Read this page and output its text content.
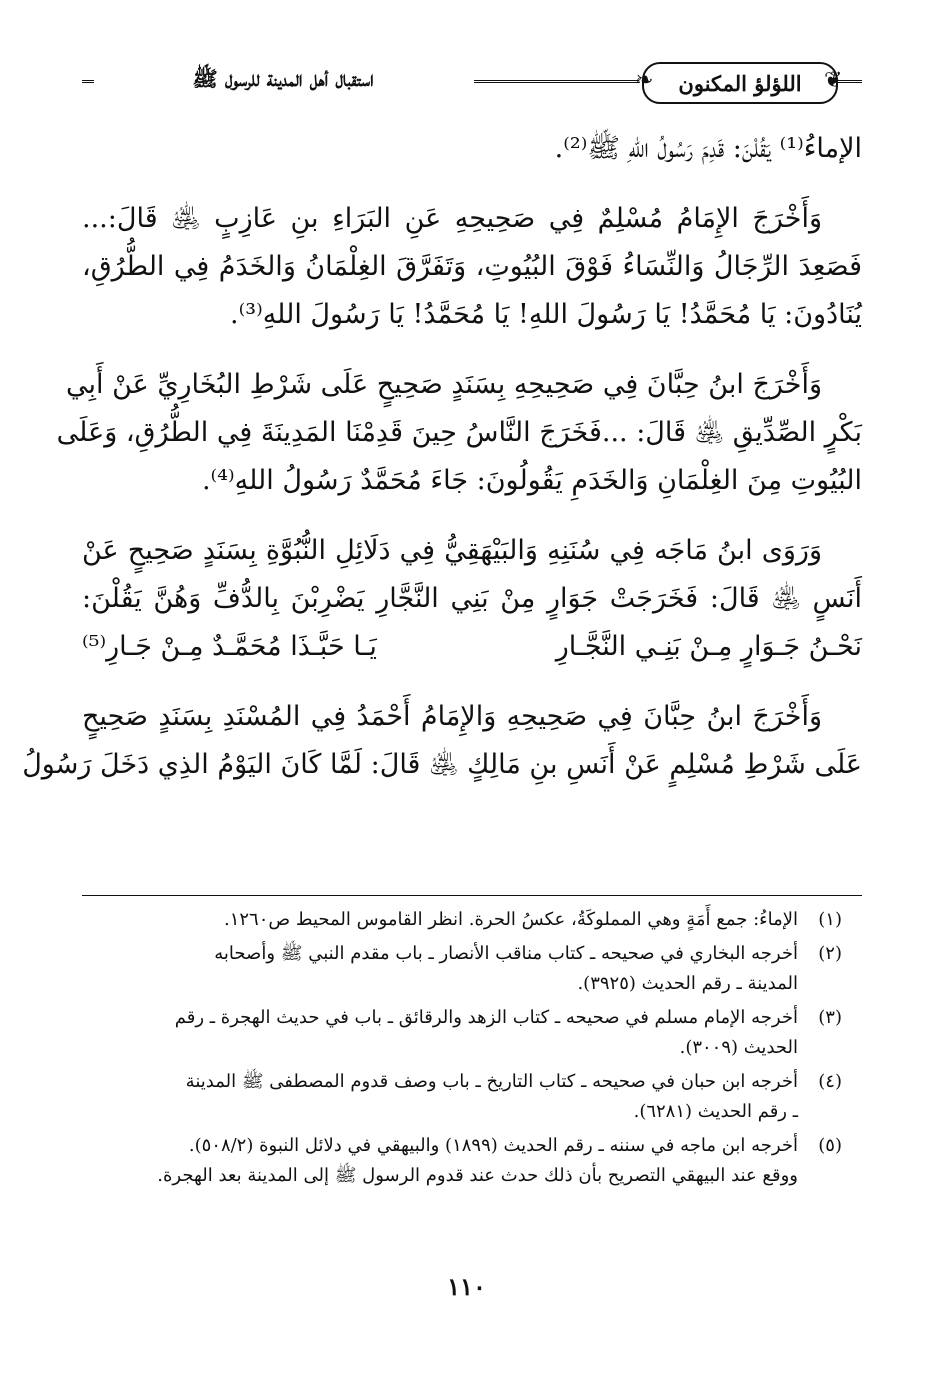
❦
اللؤلؤ المكنون
❧
استقبال أهل المدينة للرسول ﷺ
الإماءُ⁽¹⁾ يَقُلْنَ: قَدِمَ رَسُولُ اللهِ ﷺ⁽²⁾.
وَأَخْرَجَ الإِمَامُ مُسْلِمٌ فِي صَحِيحِهِ عَنِ البَرَاءِ بنِ عَازِبٍ ﵁ قَالَ:...
فَصَعِدَ الرِّجَالُ وَالنِّسَاءُ فَوْقَ البُيُوتِ، وَتَفَرَّقَ الغِلْمَانُ وَالخَدَمُ فِي الطُّرُقِ،
يُنَادُونَ: يَا مُحَمَّدُ! يَا رَسُولَ اللهِ! يَا مُحَمَّدُ! يَا رَسُولَ اللهِ⁽³⁾.
وَأَخْرَجَ ابنُ حِبَّانَ فِي صَحِيحِهِ بِسَنَدٍ صَحِيحٍ عَلَى شَرْطِ البُخَارِيِّ عَنْ أَبِي
بَكْرٍ الصِّدِّيقِ ﵁ قَالَ: ...فَخَرَجَ النَّاسُ حِينَ قَدِمْنَا المَدِينَةَ فِي الطُّرُقِ، وَعَلَى
البُيُوتِ مِنَ الغِلْمَانِ وَالخَدَمِ يَقُولُونَ: جَاءَ مُحَمَّدٌ رَسُولُ اللهِ⁽⁴⁾.
وَرَوَى ابنُ مَاجَه فِي سُنَنِهِ وَالبَيْهَقِيُّ فِي دَلَائِلِ النُّبُوَّةِ بِسَنَدٍ صَحِيحٍ عَنْ
أَنَسٍ ﵁ قَالَ: فَخَرَجَتْ جَوَارٍ مِنْ بَنِي النَّجَّارِ يَضْرِبْنَ بِالدُّفِّ وَهُنَّ يَقُلْنَ:
نَحْـنُ جَـوَارٍ مِـنْ بَنِـي النَّجَّـارِ
يَـا حَبَّـذَا مُحَمَّـدٌ مِـنْ جَـارِ⁽⁵⁾
وَأَخْرَجَ ابنُ حِبَّانَ فِي صَحِيحِهِ وَالإِمَامُ أَحْمَدُ فِي المُسْنَدِ بِسَنَدٍ صَحِيحٍ
عَلَى شَرْطِ مُسْلِمٍ عَنْ أَنَسِ بنِ مَالِكٍ ﵁ قَالَ: لَمَّا كَانَ اليَوْمُ الذِي دَخَلَ رَسُولُ
(١)
الإماءُ: جمع أَمَةٍ وهي المملوكَةُ، عكسُ الحرة. انظر القاموس المحيط ص١٢٦٠.
(٢)
أخرجه البخاري في صحيحه ـ كتاب مناقب الأنصار ـ باب مقدم النبي ﷺ وأصحابه
المدينة ـ رقم الحديث (٣٩٢٥).
(٣)
أخرجه الإمام مسلم في صحيحه ـ كتاب الزهد والرقائق ـ باب في حديث الهجرة ـ رقم
الحديث (٣٠٠٩).
(٤)
أخرجه ابن حبان في صحيحه ـ كتاب التاريخ ـ باب وصف قدوم المصطفى ﷺ المدينة
ـ رقم الحديث (٦٢٨١).
(٥)
أخرجه ابن ماجه في سننه ـ رقم الحديث (١٨٩٩) والبيهقي في دلائل النبوة (٥٠٨/٢).
ووقع عند البيهقي التصريح بأن ذلك حدث عند قدوم الرسول ﷺ إلى المدينة بعد الهجرة.
١١٠
